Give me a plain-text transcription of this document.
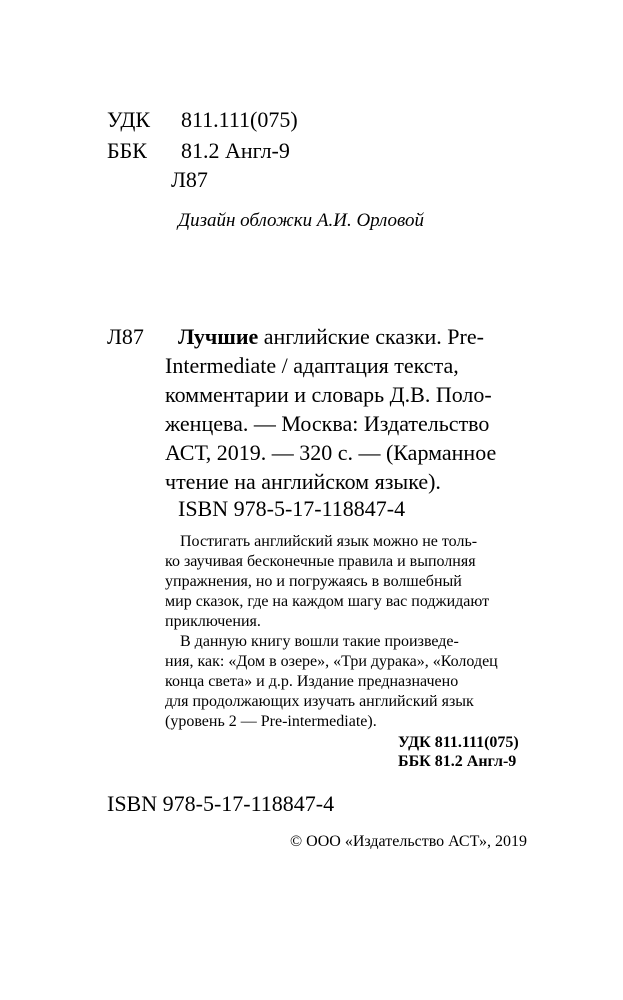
УДК 811.111(075)
ББК 81.2 Англ-9
Л87
Дизайн обложки А.И. Орловой
Л87 Лучшие английские сказки. Pre-
Intermediate / адаптация текста,
комментарии и словарь Д.В. Поло-
женцева. — Москва: Издательство
АСТ, 2019. — 320 с. — (Карманное
чтение на английском языке).
ISBN 978-5-17-118847-4
Постигать английский язык можно не толь-
ко заучивая бесконечные правила и выполняя
упражнения, но и погружаясь в волшебный
мир сказок, где на каждом шагу вас поджидают
приключения.
В данную книгу вошли такие произведе-
ния, как: «Дом в озере», «Три дурака», «Колодец
конца света» и д.р. Издание предназначено
для продолжающих изучать английский язык
(уровень 2 — Pre-intermediate).
УДК 811.111(075)
ББК 81.2 Англ-9
ISBN 978-5-17-118847-4
© ООО «Издательство АСТ», 2019
